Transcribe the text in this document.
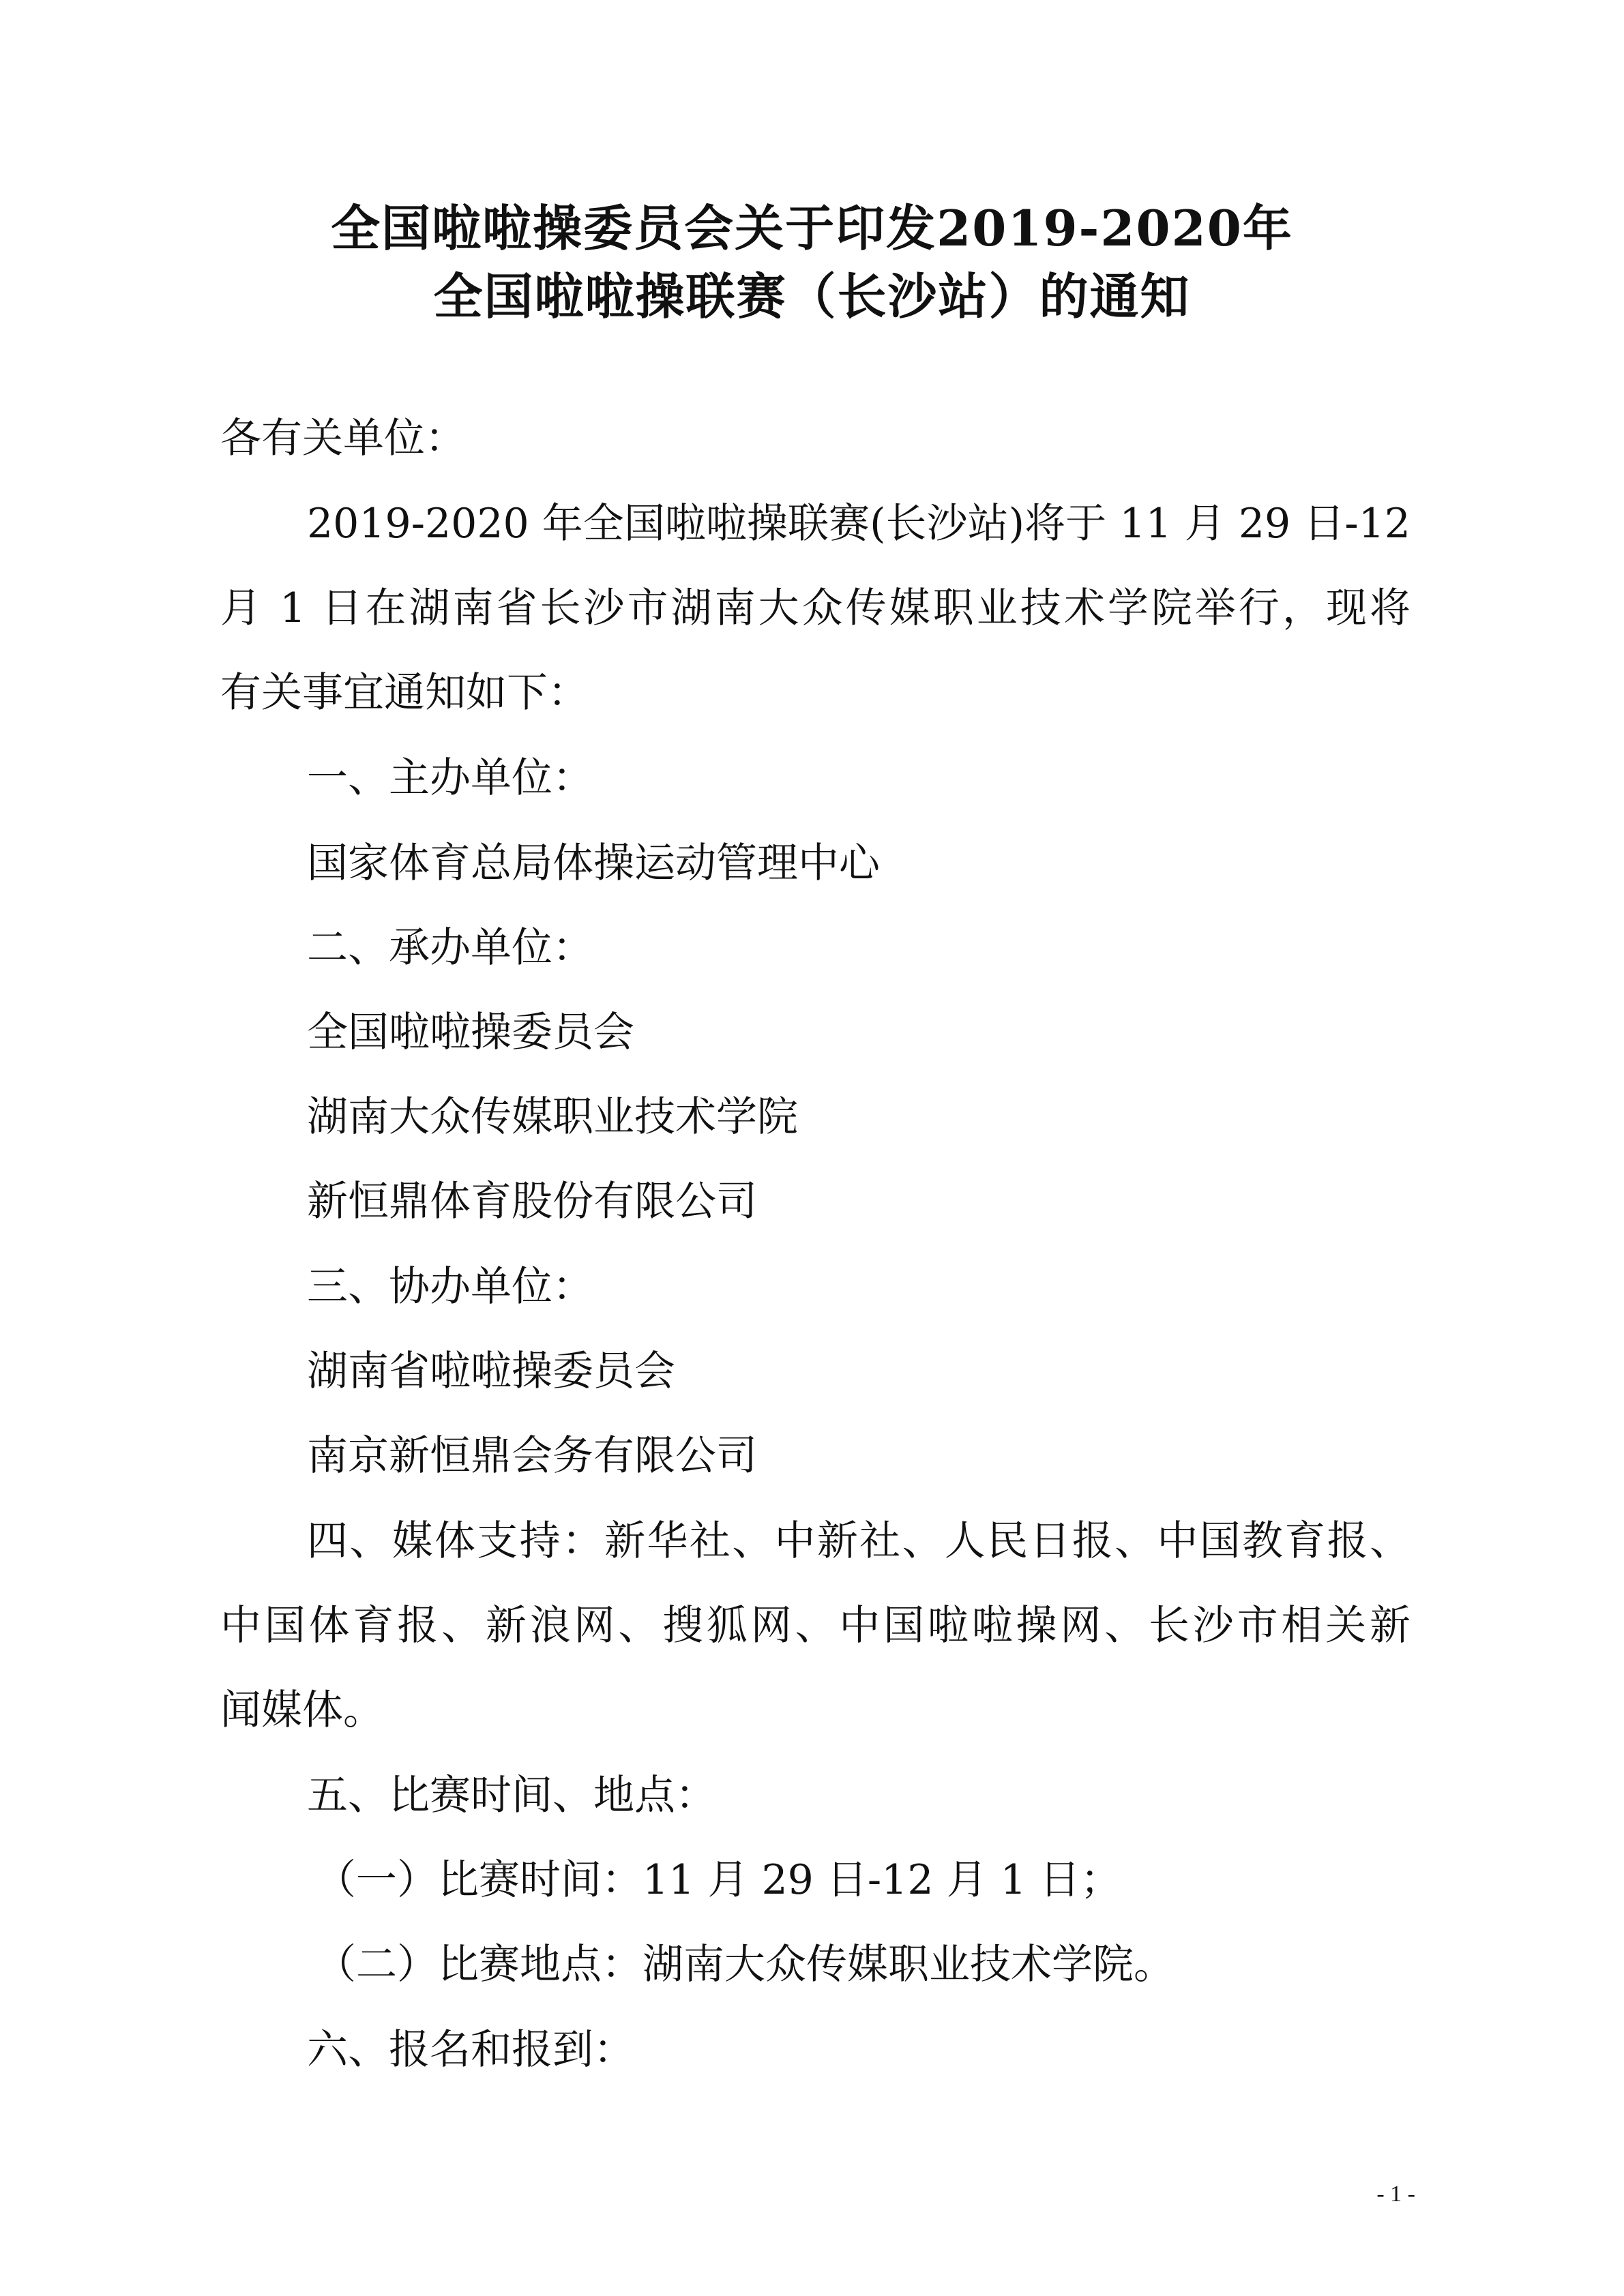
全国啦啦操委员会关于印发2019-2020年
全国啦啦操联赛（长沙站）的通知
各有关单位：
2019-2020 年全国啦啦操联赛(长沙站)将于 11 月 29 日-12
月 1 日在湖南省长沙市湖南大众传媒职业技术学院举行，现将
有关事宜通知如下：
一、主办单位：
国家体育总局体操运动管理中心
二、承办单位：
全国啦啦操委员会
湖南大众传媒职业技术学院
新恒鼎体育股份有限公司
三、协办单位：
湖南省啦啦操委员会
南京新恒鼎会务有限公司
四、媒体支持：新华社、中新社、人民日报、中国教育报、
中国体育报、新浪网、搜狐网、中国啦啦操网、长沙市相关新
闻媒体。
五、比赛时间、地点：
（一）比赛时间：11 月 29 日-12 月 1 日；
（二）比赛地点：湖南大众传媒职业技术学院。
六、报名和报到：
- 1 -
